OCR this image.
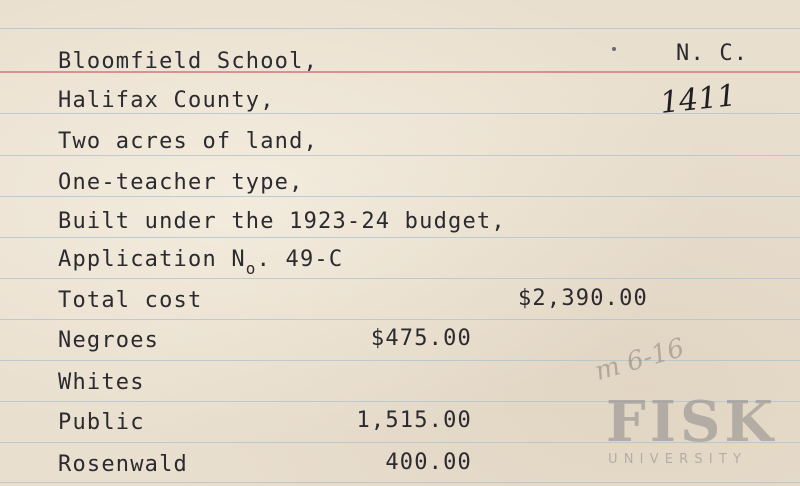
N. C.
1411
Bloomfield School,
Halifax County,
Two acres of land,
One-teacher type,
Built under the 1923-24 budget,
Application $N_o$. 49-C
Total cost	$2,390.00
Negroes	$475.00
Whites
Public	1,515.00
Rosenwald	400.00
m 6-16
FISK
UNIVERSITY
